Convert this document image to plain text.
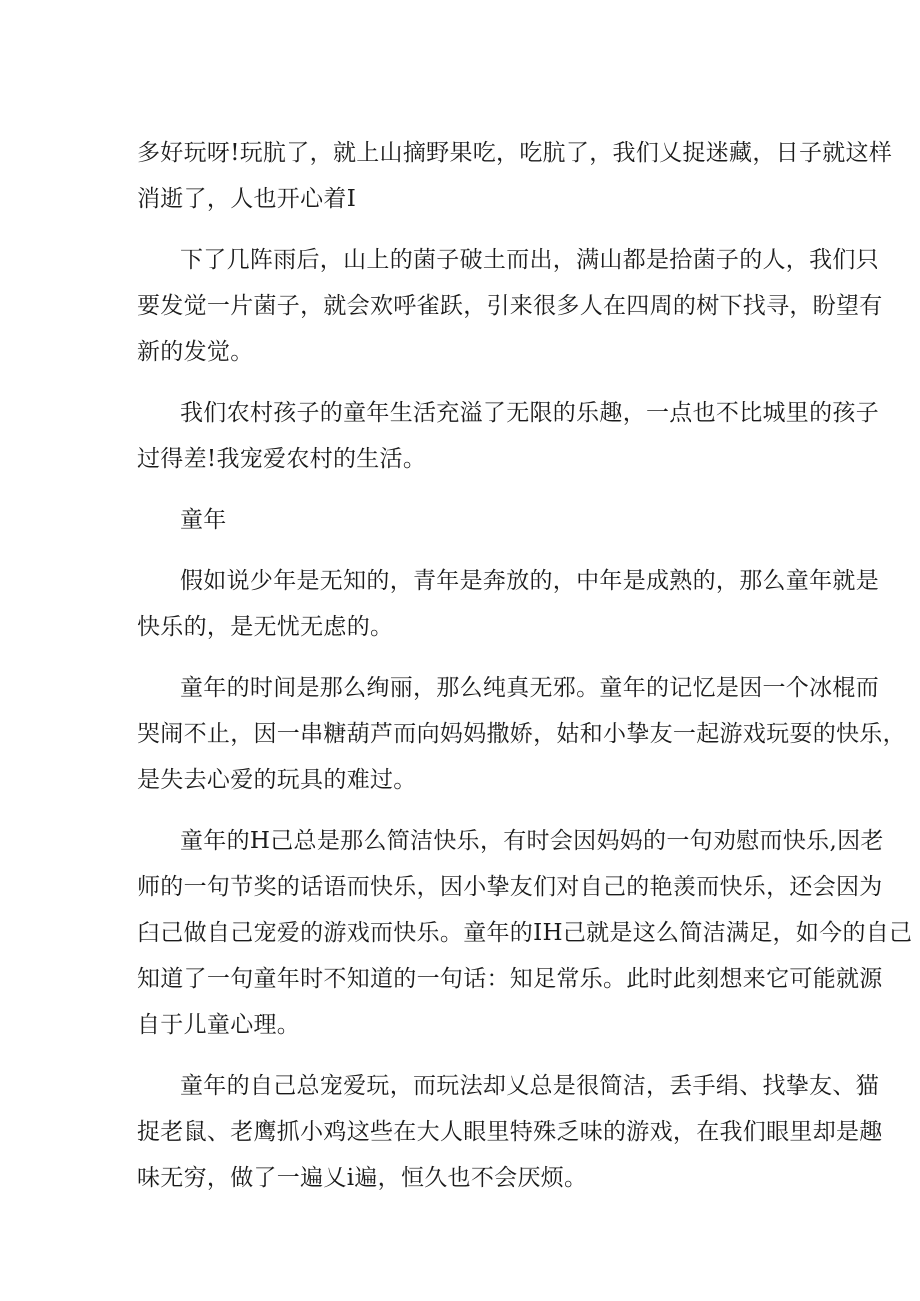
多好玩呀!玩肮了，就上山摘野果吃，吃肮了，我们乂捉迷藏，日子就这样
消逝了，人也开心着I
下了几阵雨后，山上的菌子破土而出，满山都是拾菌子的人，我们只
要发觉一片菌子，就会欢呼雀跃，引来很多人在四周的树下找寻，盼望有
新的发觉。
我们农村孩子的童年生活充溢了无限的乐趣，一点也不比城里的孩子
过得差!我宠爱农村的生活。
童年
假如说少年是无知的，青年是奔放的，中年是成熟的，那么童年就是
快乐的，是无忧无虑的。
童年的时间是那么绚丽，那么纯真无邪。童年的记忆是因一个冰棍而
哭闹不止，因一串糖葫芦而向妈妈撒娇，姑和小挚友一起游戏玩耍的快乐，
是失去心爱的玩具的难过。
童年的H己总是那么简洁快乐，有时会因妈妈的一句劝慰而快乐,因老
师的一句节奖的话语而快乐，因小挚友们对自己的艳羡而快乐，还会因为
臼己做自己宠爱的游戏而快乐。童年的IH己就是这么简洁满足，如今的自己
知道了一句童年时不知道的一句话：知足常乐。此时此刻想来它可能就源
自于儿童心理。
童年的自己总宠爱玩，而玩法却乂总是很简洁，丢手绢、找挚友、猫
捉老鼠、老鹰抓小鸡这些在大人眼里特殊乏味的游戏，在我们眼里却是趣
味无穷，做了一遍乂i遍，恒久也不会厌烦。
